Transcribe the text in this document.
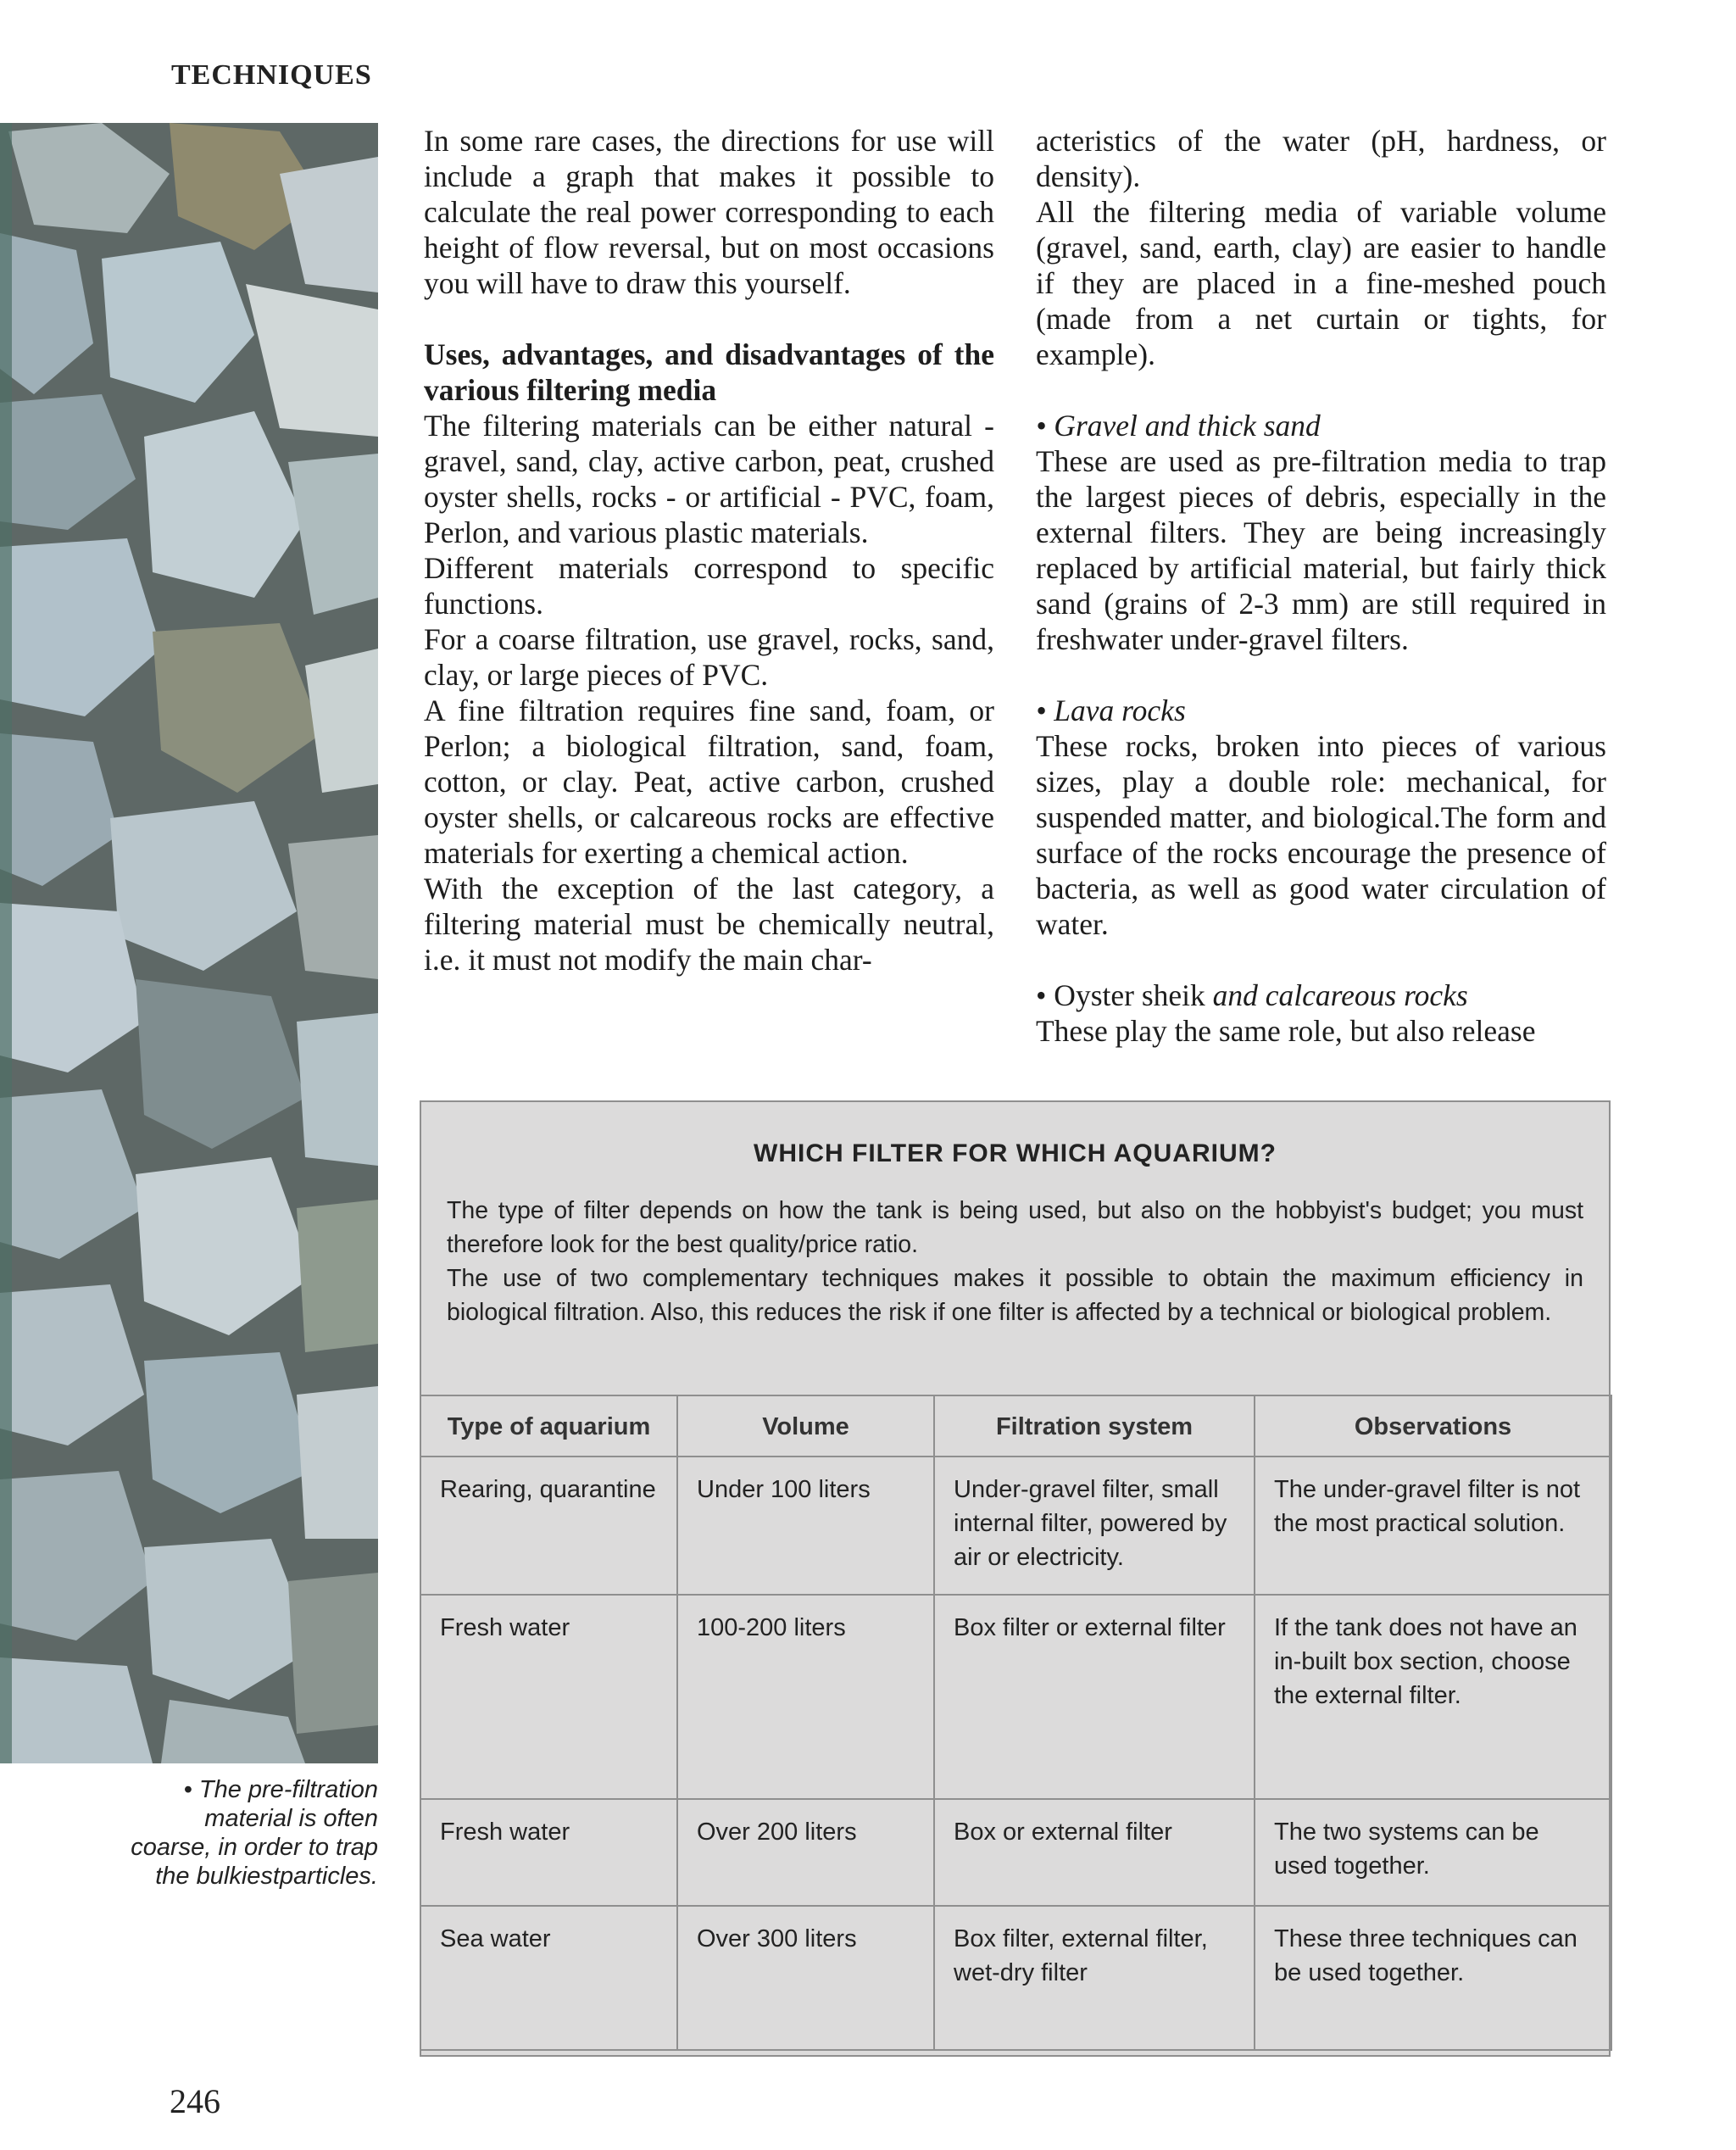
TECHNIQUES
• The pre-filtration material is often coarse, in order to trap the bulkiestparticles.

In some rare cases, the directions for use will include a graph that makes it possible to calculate the real power corresponding to each height of flow reversal, but on most occasions you will have to draw this yourself.

Uses, advantages, and disadvantages of the various filtering media

The filtering materials can be either natural - gravel, sand, clay, active carbon, peat, crushed oyster shells, rocks - or artificial - PVC, foam, Perlon, and various plastic materials.

Different materials correspond to specific functions.

For a coarse filtration, use gravel, rocks, sand, clay, or large pieces of PVC.

A fine filtration requires fine sand, foam, or Perlon; a biological filtration, sand, foam, cotton, or clay. Peat, active carbon, crushed oyster shells, or calcareous rocks are effective materials for exerting a chemical action.

With the exception of the last category, a filtering material must be chemically neutral, i.e. it must not modify the main char-

acteristics of the water (pH, hardness, or density).

All the filtering media of variable volume (gravel, sand, earth, clay) are easier to handle if they are placed in a fine-meshed pouch (made from a net curtain or tights, for example).

• Gravel and thick sand

These are used as pre-filtration media to trap the largest pieces of debris, especially in the external filters. They are being increasingly replaced by artificial material, but fairly thick sand (grains of 2-3 mm) are still required in freshwater under-gravel filters.

• Lava rocks

These rocks, broken into pieces of various sizes, play a double role: mechanical, for suspended matter, and biological.The form and surface of the rocks encourage the presence of bacteria, as well as good water circulation of water.

• Oyster sheik and calcareous rocks

These play the same role, but also release

WHICH FILTER FOR WHICH AQUARIUM?

The type of filter depends on how the tank is being used, but also on the hobbyist's budget; you must therefore look for the best quality/price ratio.

The use of two complementary techniques makes it possible to obtain the maximum efficiency in biological filtration. Also, this reduces the risk if one filter is affected by a technical or biological problem.

Type of aquarium	Volume	Filtration system	Observations
Rearing, quarantine	Under 100 liters	Under-gravel filter, small internal filter, powered by air or electricity.	The under-gravel filter is not the most practical solution.
Fresh water	100-200 liters	Box filter or external filter	If the tank does not have an in-built box section, choose the external filter.
Fresh water	Over 200 liters	Box or external filter	The two systems can be used together.
Sea water	Over 300 liters	Box filter, external filter, wet-dry filter	These three techniques can be used together.
246
